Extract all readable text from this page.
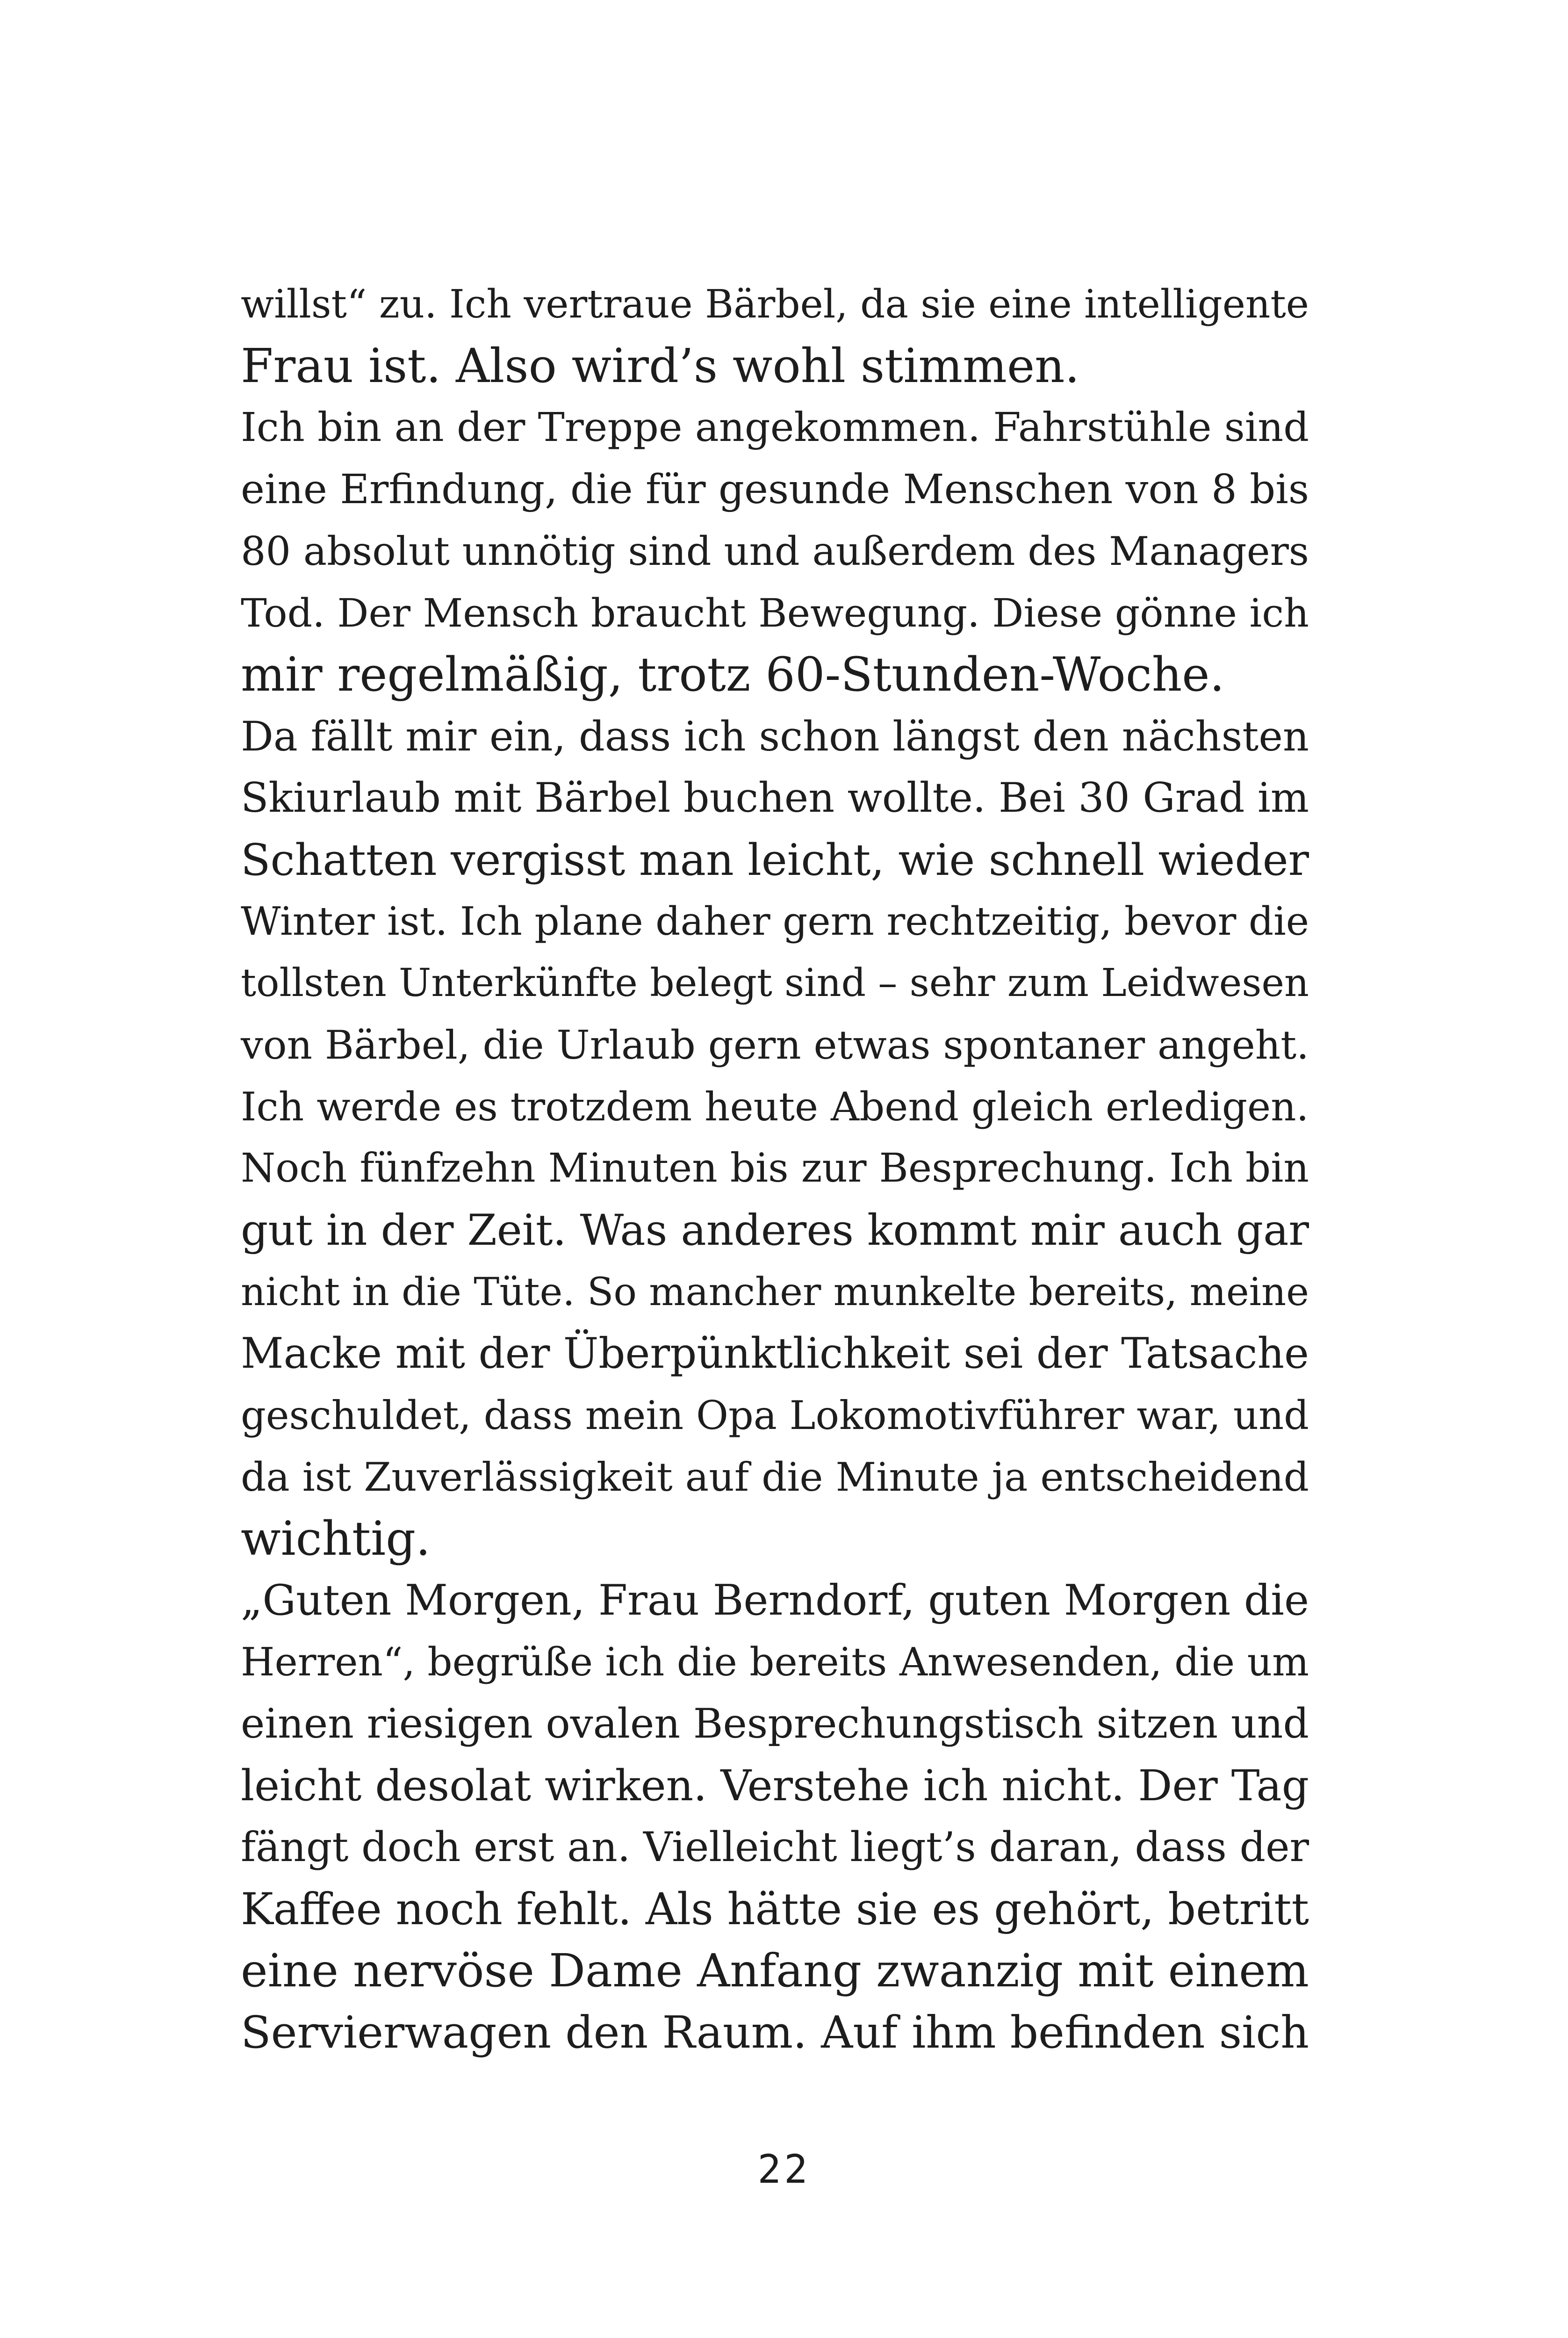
willst“ zu. Ich vertraue Bärbel, da sie eine intelligente
Frau ist. Also wird’s wohl stimmen.
Ich bin an der Treppe angekommen. Fahrstühle sind
eine Erfindung, die für gesunde Menschen von 8 bis
80 absolut unnötig sind und außerdem des Managers
Tod. Der Mensch braucht Bewegung. Diese gönne ich
mir regelmäßig, trotz 60-Stunden-Woche.
Da fällt mir ein, dass ich schon längst den nächsten
Skiurlaub mit Bärbel buchen wollte. Bei 30 Grad im
Schatten vergisst man leicht, wie schnell wieder
Winter ist. Ich plane daher gern rechtzeitig, bevor die
tollsten Unterkünfte belegt sind – sehr zum Leidwesen
von Bärbel, die Urlaub gern etwas spontaner angeht.
Ich werde es trotzdem heute Abend gleich erledigen.
Noch fünfzehn Minuten bis zur Besprechung. Ich bin
gut in der Zeit. Was anderes kommt mir auch gar
nicht in die Tüte. So mancher munkelte bereits, meine
Macke mit der Überpünktlichkeit sei der Tatsache
geschuldet, dass mein Opa Lokomotivführer war, und
da ist Zuverlässigkeit auf die Minute ja entscheidend
wichtig.
„Guten Morgen, Frau Berndorf, guten Morgen die
Herren“, begrüße ich die bereits Anwesenden, die um
einen riesigen ovalen Besprechungstisch sitzen und
leicht desolat wirken. Verstehe ich nicht. Der Tag
fängt doch erst an. Vielleicht liegt’s daran, dass der
Kaffee noch fehlt. Als hätte sie es gehört, betritt
eine nervöse Dame Anfang zwanzig mit einem
Servierwagen den Raum. Auf ihm befinden sich
22
